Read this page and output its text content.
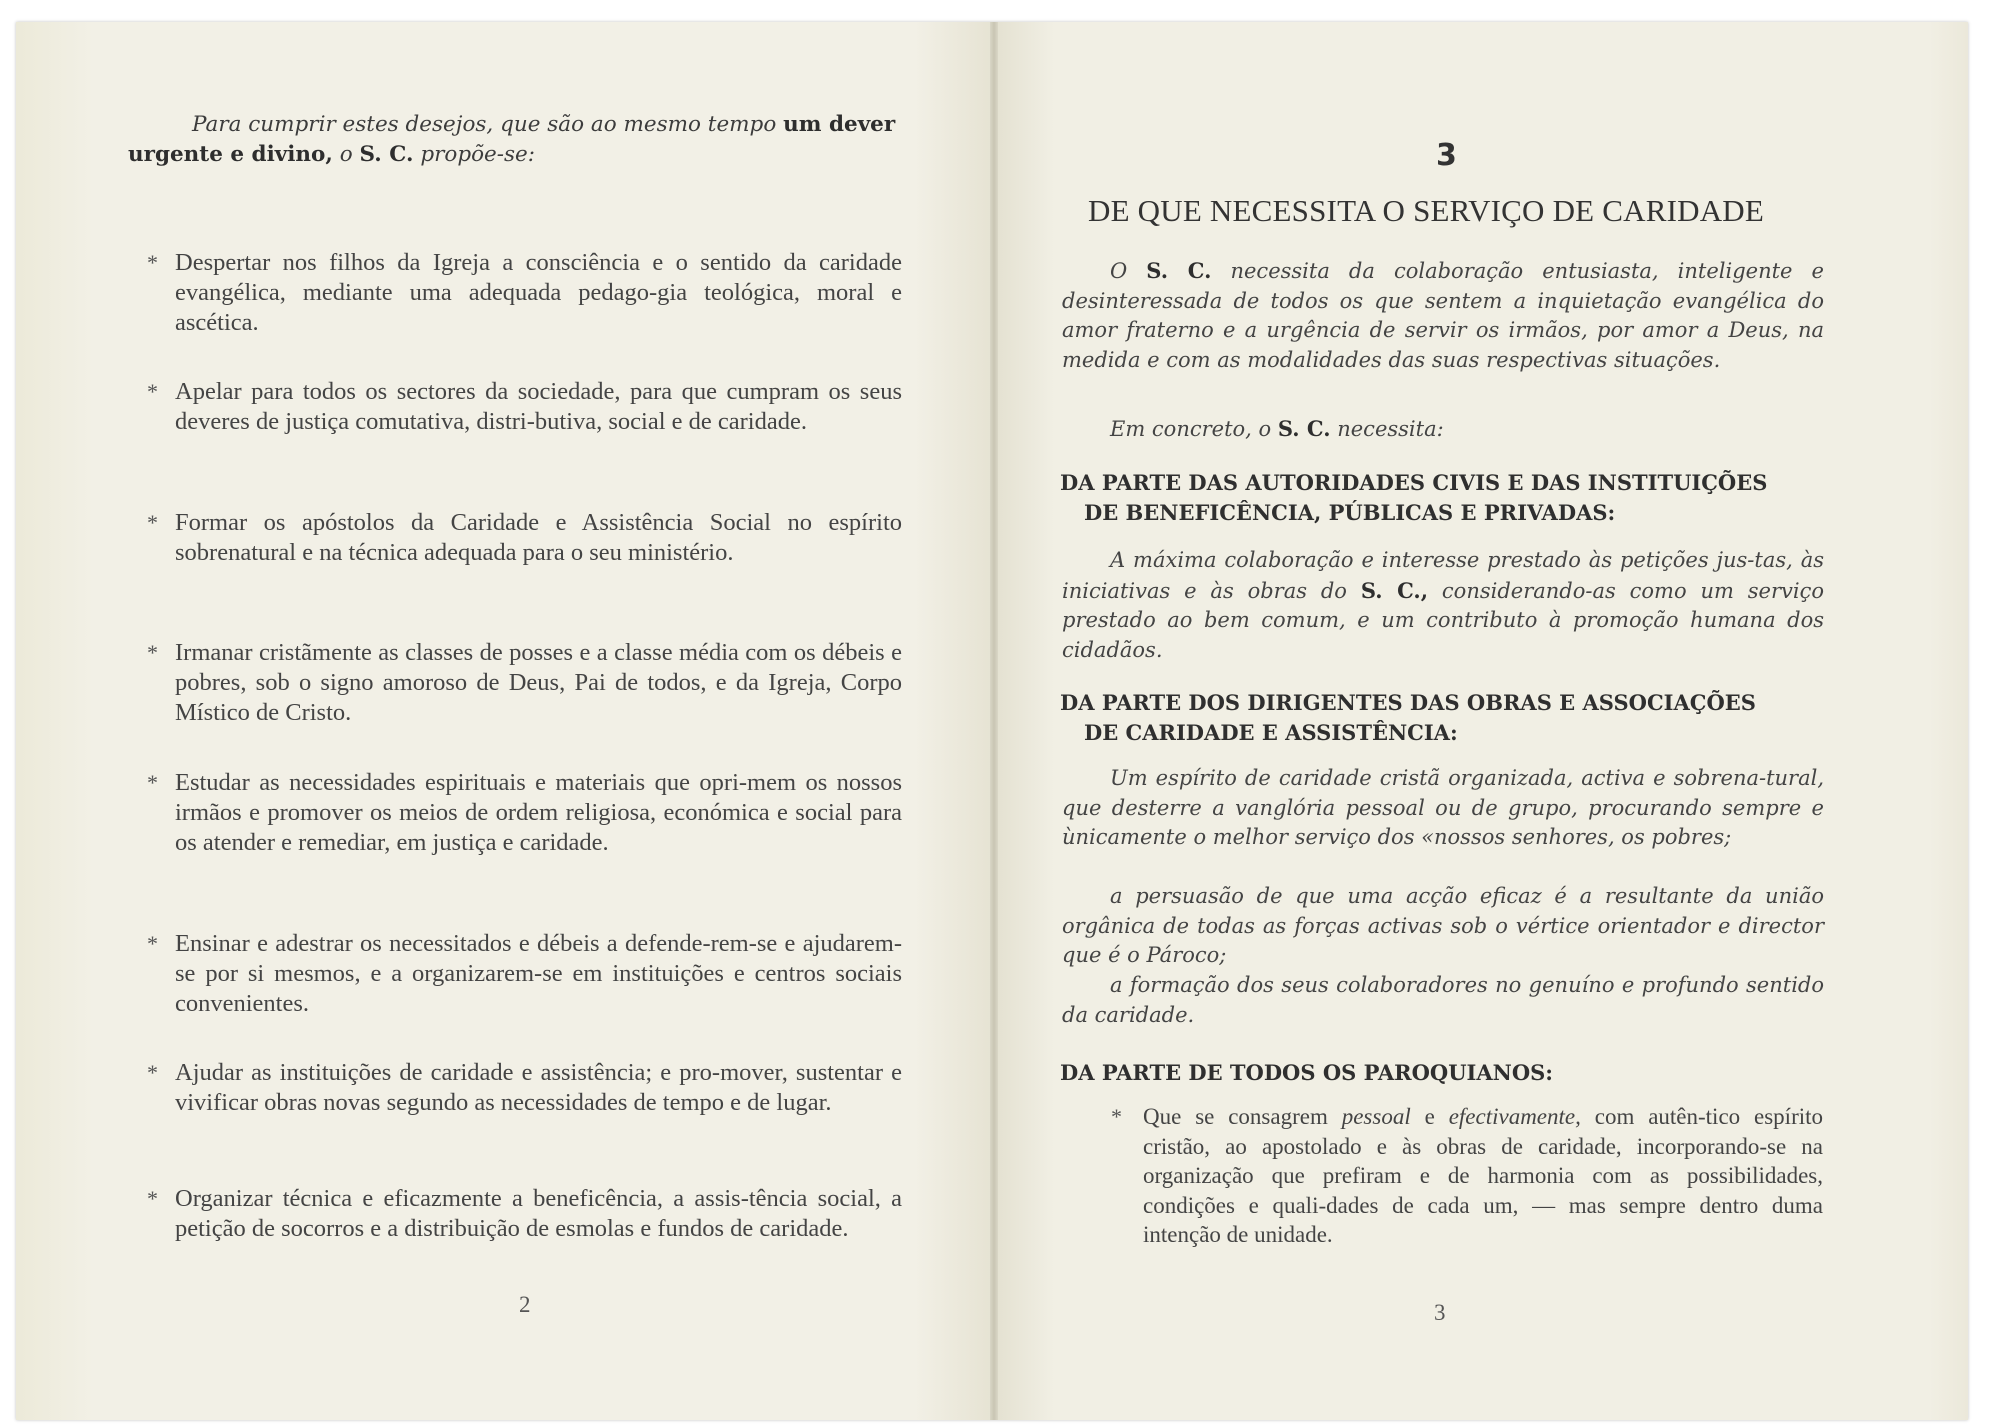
Para cumprir estes desejos, que são ao mesmo tempo um dever urgente e divino, o S. C. propõe-se:
* Despertar nos filhos da Igreja a consciência e o sentido da caridade evangélica, mediante uma adequada pedago-gia teológica, moral e ascética.
* Apelar para todos os sectores da sociedade, para que cumpram os seus deveres de justiça comutativa, distri-butiva, social e de caridade.
* Formar os apóstolos da Caridade e Assistência Social no espírito sobrenatural e na técnica adequada para o seu ministério.
* Irmanar cristãmente as classes de posses e a classe média com os débeis e pobres, sob o signo amoroso de Deus, Pai de todos, e da Igreja, Corpo Místico de Cristo.
* Estudar as necessidades espirituais e materiais que opri-mem os nossos irmãos e promover os meios de ordem religiosa, económica e social para os atender e remediar, em justiça e caridade.
* Ensinar e adestrar os necessitados e débeis a defende-rem-se e ajudarem-se por si mesmos, e a organizarem-se em instituições e centros sociais convenientes.
* Ajudar as instituições de caridade e assistência; e pro-mover, sustentar e vivificar obras novas segundo as necessidades de tempo e de lugar.
* Organizar técnica e eficazmente a beneficência, a assis-tência social, a petição de socorros e a distribuição de esmolas e fundos de caridade.
2
3
DE QUE NECESSITA O SERVIÇO DE CARIDADE
O S. C. necessita da colaboração entusiasta, inteligente e desinteressada de todos os que sentem a inquietação evangélica do amor fraterno e a urgência de servir os irmãos, por amor a Deus, na medida e com as modalidades das suas respectivas situações.
Em concreto, o S. C. necessita:
DA PARTE DAS AUTORIDADES CIVIS E DAS INSTITUIÇÕES
DE BENEFICÊNCIA, PÚBLICAS E PRIVADAS:
A máxima colaboração e interesse prestado às petições jus-tas, às iniciativas e às obras do S. C., considerando-as como um serviço prestado ao bem comum, e um contributo à promoção humana dos cidadãos.
DA PARTE DOS DIRIGENTES DAS OBRAS E ASSOCIAÇÕES
DE CARIDADE E ASSISTÊNCIA:
Um espírito de caridade cristã organizada, activa e sobrena-tural, que desterre a vanglória pessoal ou de grupo, procurando sempre e ùnicamente o melhor serviço dos «nossos senhores, os pobres;
a persuasão de que uma acção eficaz é a resultante da união orgânica de todas as forças activas sob o vértice orientador e director que é o Pároco;
a formação dos seus colaboradores no genuíno e profundo sentido da caridade.
DA PARTE DE TODOS OS PAROQUIANOS:
* Que se consagrem pessoal e efectivamente, com autên-tico espírito cristão, ao apostolado e às obras de caridade, incorporando-se na organização que prefiram e de harmonia com as possibilidades, condições e quali-dades de cada um, — mas sempre dentro duma intenção de unidade.
3
